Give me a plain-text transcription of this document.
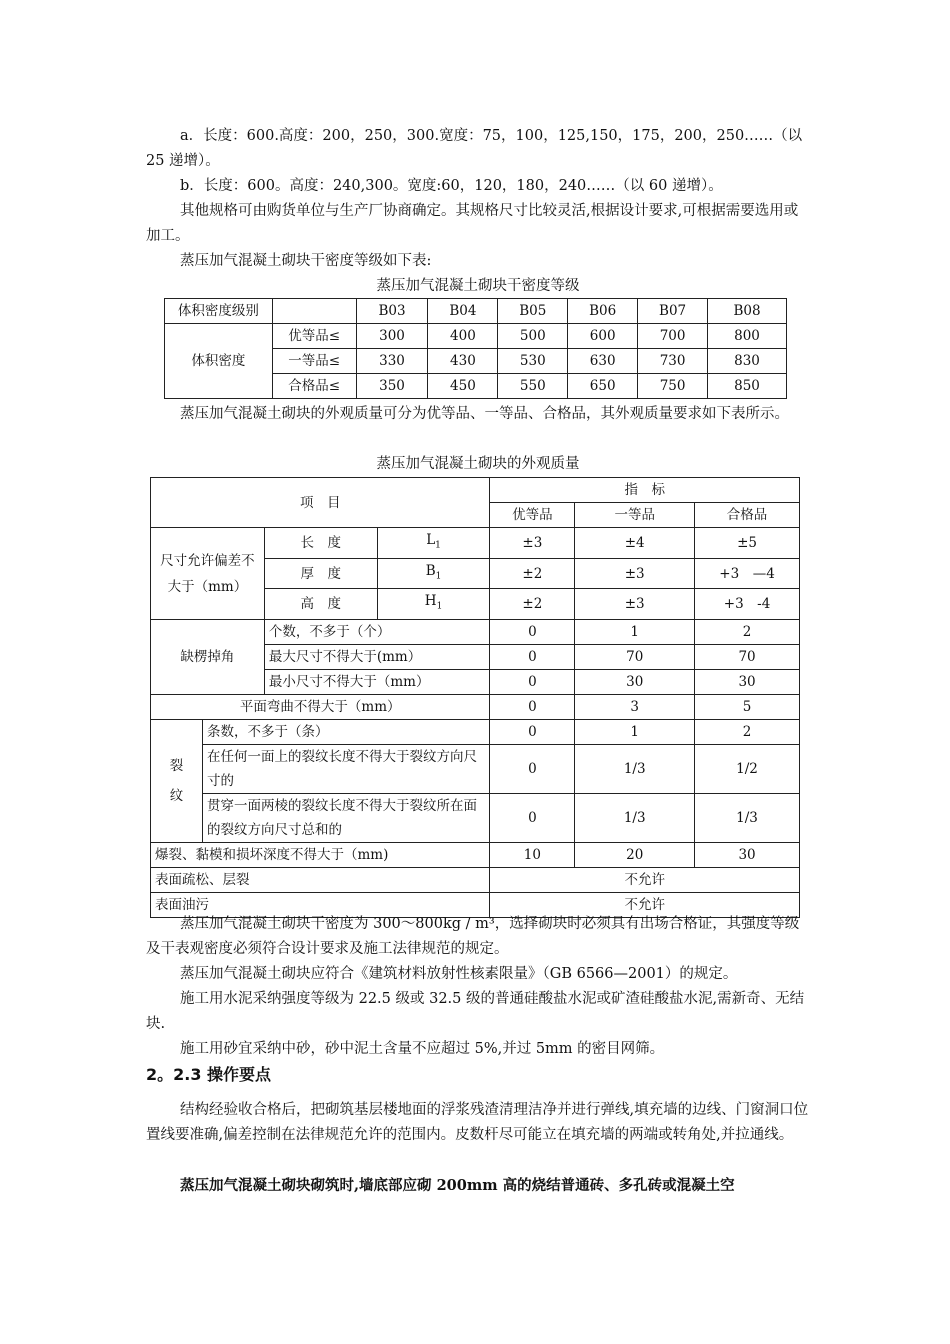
a．长度：600.高度：200，250，300.宽度：75，100，125,150，175，200，250……（以 25 递增）。

b．长度：600。高度：240,300。宽度:60，120，180，240……（以 60 递增）。

其他规格可由购货单位与生产厂协商确定。其规格尺寸比较灵活,根据设计要求,可根据需要选用或加工。

蒸压加气混凝土砌块干密度等级如下表:

蒸压加气混凝土砌块干密度等级
体积密度级别		B03	B04	B05	B06	B07	B08
体积密度	优等品≤	300	400	500	600	700	800
	一等品≤	330	430	530	630	730	830
	合格品≤	350	450	550	650	750	850

蒸压加气混凝土砌块的外观质量可分为优等品、一等品、合格品，其外观质量要求如下表所示。

蒸压加气混凝土砌块的外观质量
项　目				指　标		
				优等品	一等品	合格品
尺寸允许偏差不大于（mm）		长　度	$L_1$	±3	±4	±5
		厚　度	$B_1$	±2	±3	+3　—4
		高　度	$H_1$	±2	±3	+3　-4
缺楞掉角		个数，不多于（个）		0	1	2
		最大尺寸不得大于(mm）		0	70	70
		最小尺寸不得大于（mm）		0	30	30
平面弯曲不得大于（mm）				0	3	5
裂
纹	条数，不多于（条）			0	1	2
	在任何一面上的裂纹长度不得大于裂纹方向尺寸的			0	1/3	1/2
	贯穿一面两棱的裂纹长度不得大于裂纹所在面的裂纹方向尺寸总和的			0	1/3	1/3
爆裂、黏模和损坏深度不得大于（mm)				10	20	30
表面疏松、层裂				不允许		
表面油污				不允许		

蒸压加气混凝土砌块干密度为 300～800kg / m³，选择砌块时必须具有出场合格证，其强度等级及干表观密度必须符合设计要求及施工法律规范的规定。

蒸压加气混凝土砌块应符合《建筑材料放射性核素限量》（GB 6566—2001）的规定。

施工用水泥采纳强度等级为 22.5 级或 32.5 级的普通硅酸盐水泥或矿渣硅酸盐水泥,需新奇、无结块.

施工用砂宜采纳中砂，砂中泥土含量不应超过 5%,并过 5mm 的密目网筛。

2。2.3 操作要点

结构经验收合格后，把砌筑基层楼地面的浮浆残渣清理洁净并进行弹线,填充墙的边线、门窗洞口位置线要准确,偏差控制在法律规范允许的范围内。皮数杆尽可能立在填充墙的两端或转角处,并拉通线。

蒸压加气混凝土砌块砌筑时,墙底部应砌 200mm 高的烧结普通砖、多孔砖或混凝土空
